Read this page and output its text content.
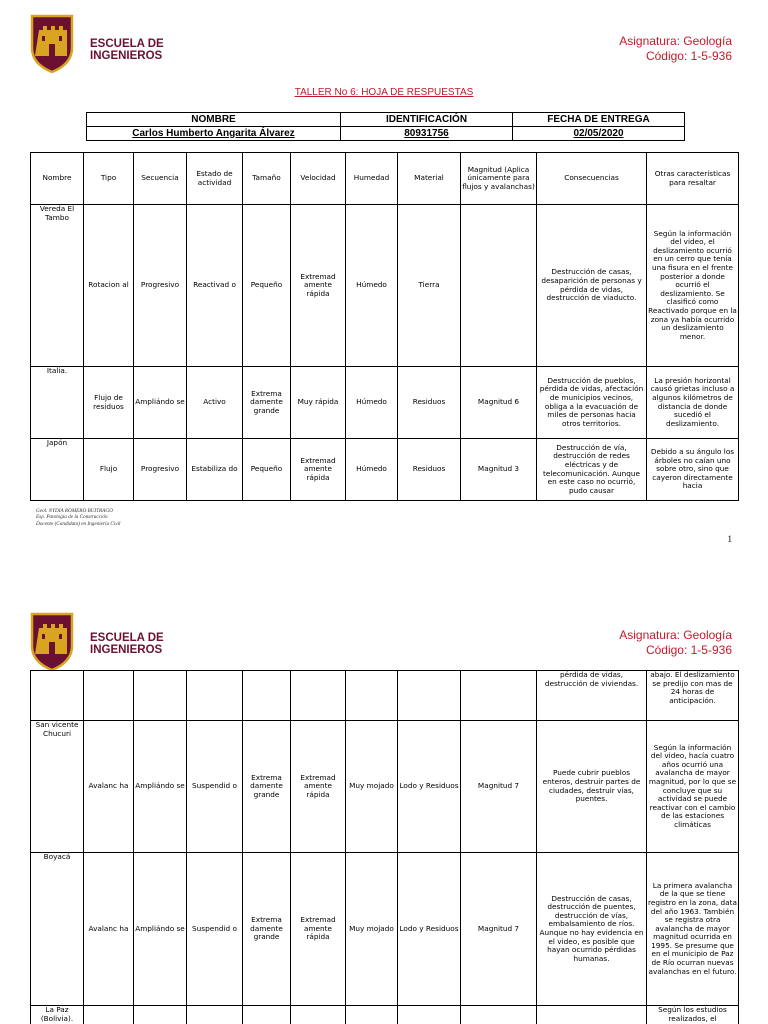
ESCUELA DE
INGENIEROS
Asignatura: Geología
Código: 1-5-936
TALLER No 6: HOJA DE RESPUESTAS
NOMBRE	IDENTIFICACIÓN	FECHA DE ENTREGA
Carlos Humberto Angarita Álvarez	80931756	02/05/2020
Nombre	Tipo	Secuencia	Estado de actividad	Tamaño	Velocidad	Humedad	Material	Magnitud (Aplica únicamente para flujos y avalanchas)	Consecuencias	Otras características para resaltar
Vereda El Tambo	Rotacion al	Progresivo	Reactivad o	Pequeño	Extremad amente rápida	Húmedo	Tierra		Destrucción de casas, desaparición de personas y pérdida de vidas, destrucción de viaducto.	Según la información del video, el deslizamiento ocurrió en un cerro que tenía una fisura en el frente posterior a donde ocurrió el deslizamiento. Se clasificó como Reactivado porque en la zona ya había ocurrido un deslizamiento menor.
Italia.	Flujo de residuos	Ampliándo se	Activo	Extrema damente grande	Muy rápida	Húmedo	Residuos	Magnitud 6	Destrucción de pueblos, pérdida de vidas, afectación de municipios vecinos, obliga a la evacuación de miles de personas hacia otros territorios.	La presión horizontal causó grietas incluso a algunos kilómetros de distancia de donde sucedió el deslizamiento.
Japón	Flujo	Progresivo	Estabiliza do	Pequeño	Extremad amente rápida	Húmedo	Residuos	Magnitud 3	Destrucción de vía, destrucción de redes eléctricas y de telecomunicación. Aunque en este caso no ocurrió, pudo causar	Debido a su ángulo los árboles no caían uno sobre otro, sino que cayeron directamente hacia
Geol. NYDIA ROMERO BUITRAGO
Esp. Patología de la Construcción
Docente (Candidata) en Ingeniería Civil
1
ESCUELA DE
INGENIEROS
Asignatura: Geología
Código: 1-5-936
									pérdida de vidas, destrucción de viviendas.	abajo. El deslizamiento se predijo con mas de 24 horas de anticipación.
San vicente Chucuri	Avalanc ha	Ampliándo se	Suspendid o	Extrema damente grande	Extremad amente rápida	Muy mojado	Lodo y Residuos	Magnitud 7	Puede cubrir pueblos enteros, destruir partes de ciudades, destruir vías, puentes.	Según la información del video, hacía cuatro años ocurrió una avalancha de mayor magnitud, por lo que se concluye que su actividad se puede reactivar con el cambio de las estaciones climáticas
Boyacá	Avalanc ha	Ampliándo se	Suspendid o	Extrema damente grande	Extremad amente rápida	Muy mojado	Lodo y Residuos	Magnitud 7	Destrucción de casas, destrucción de puentes, destrucción de vías, embalsamiento de ríos. Aunque no hay evidencia en el video, es posible que hayan ocurrido pérdidas humanas.	La primera avalancha de la que se tiene registro en la zona, data del año 1963. También se registra otra avalancha de mayor magnitud ocurrida en 1995. Se presume que en el municipio de Paz de Río ocurran nuevas avalanchas en el futuro.
La Paz (Bolivia).										Según los estudios realizados, el
